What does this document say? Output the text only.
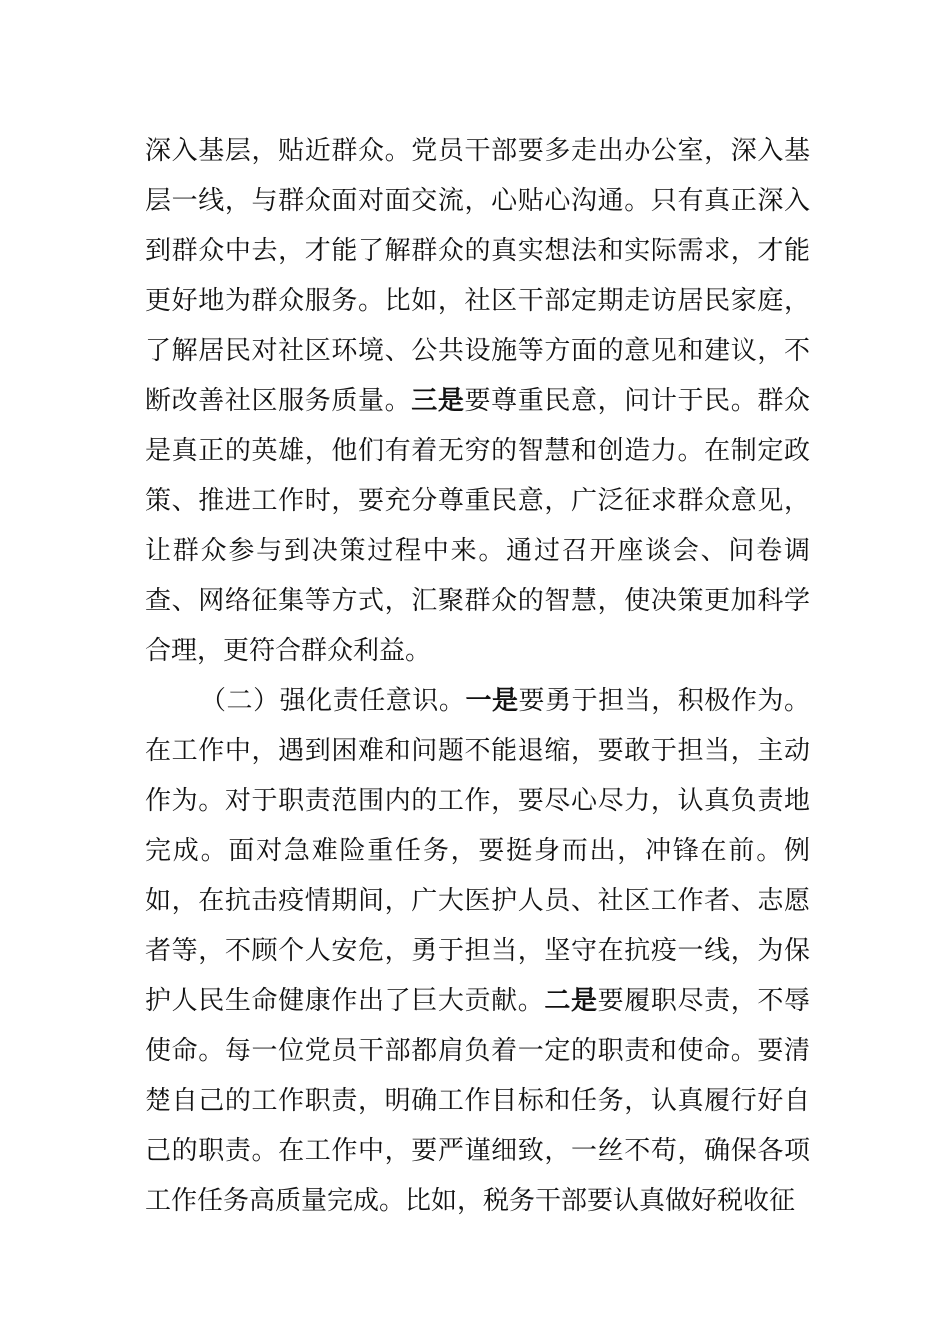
深入基层，贴近群众。党员干部要多走出办公室，深入基层一线，与群众面对面交流，心贴心沟通。只有真正深入到群众中去，才能了解群众的真实想法和实际需求，才能更好地为群众服务。比如，社区干部定期走访居民家庭，了解居民对社区环境、公共设施等方面的意见和建议，不断改善社区服务质量。三是要尊重民意，问计于民。群众是真正的英雄，他们有着无穷的智慧和创造力。在制定政策、推进工作时，要充分尊重民意，广泛征求群众意见，让群众参与到决策过程中来。通过召开座谈会、问卷调查、网络征集等方式，汇聚群众的智慧，使决策更加科学合理，更符合群众利益。

（二）强化责任意识。一是要勇于担当，积极作为。在工作中，遇到困难和问题不能退缩，要敢于担当，主动作为。对于职责范围内的工作，要尽心尽力，认真负责地完成。面对急难险重任务，要挺身而出，冲锋在前。例如，在抗击疫情期间，广大医护人员、社区工作者、志愿者等，不顾个人安危，勇于担当，坚守在抗疫一线，为保护人民生命健康作出了巨大贡献。二是要履职尽责，不辱使命。每一位党员干部都肩负着一定的职责和使命。要清楚自己的工作职责，明确工作目标和任务，认真履行好自己的职责。在工作中，要严谨细致，一丝不苟，确保各项工作任务高质量完成。比如，税务干部要认真做好税收征
